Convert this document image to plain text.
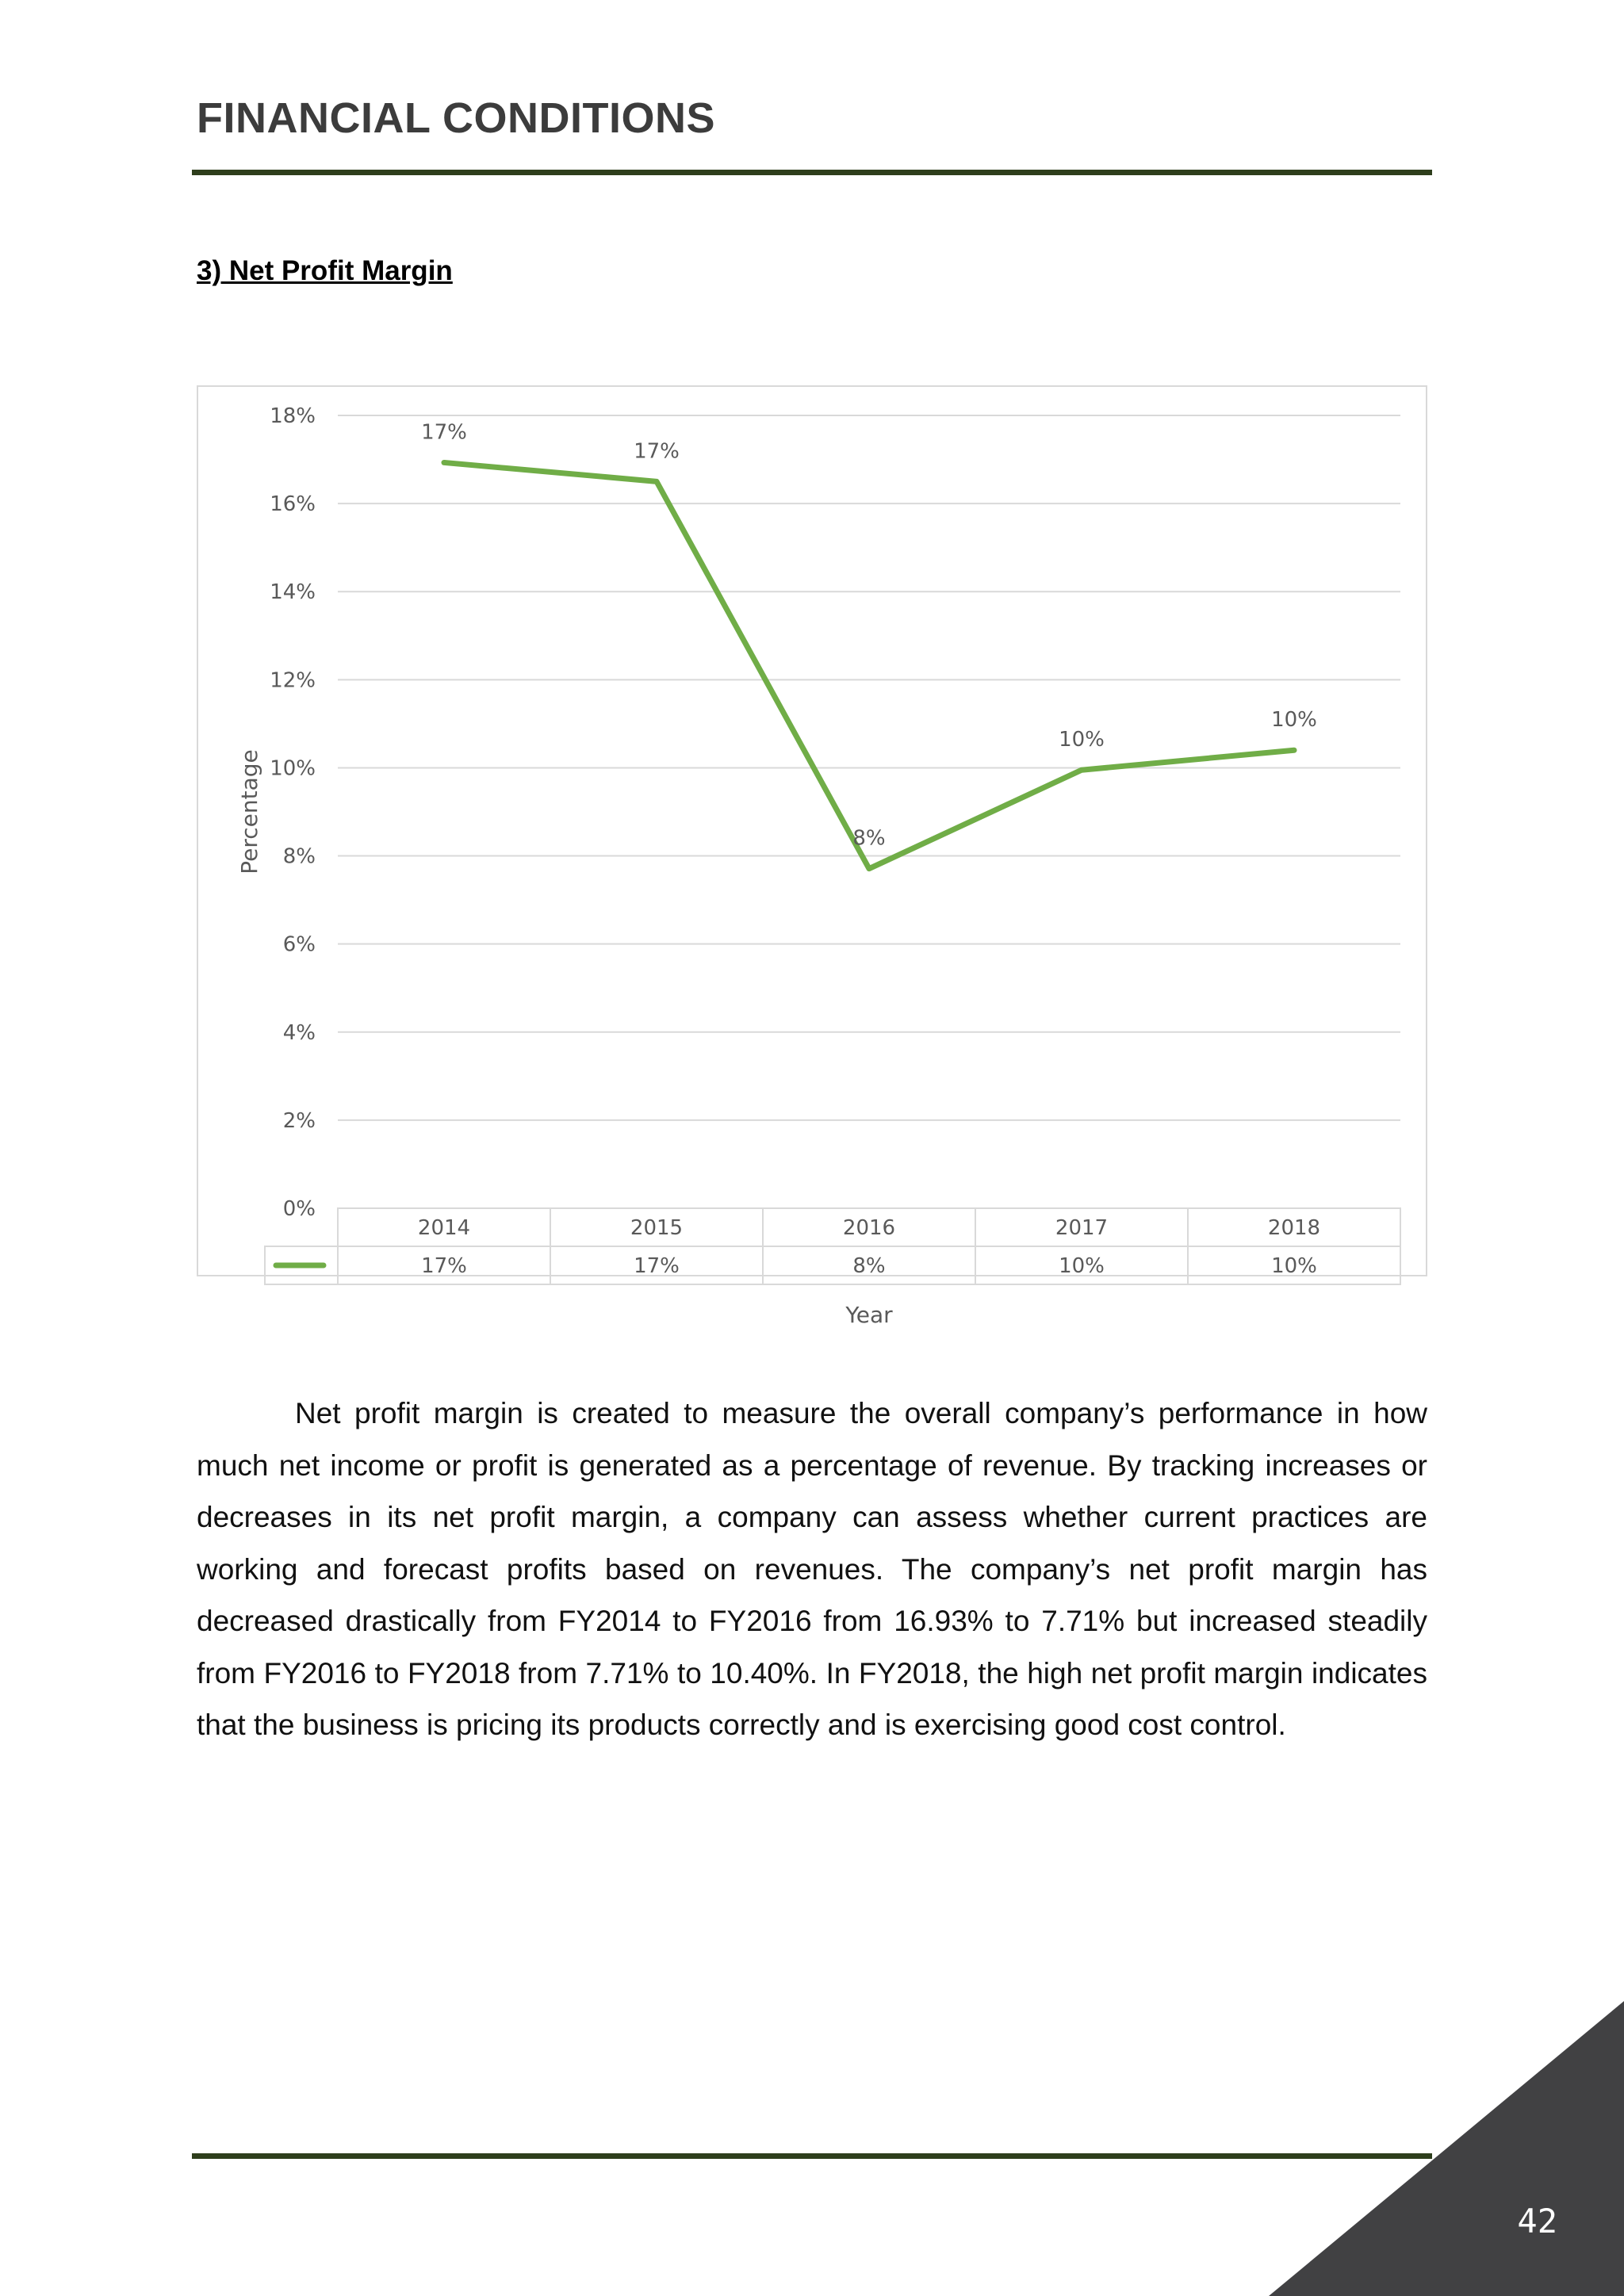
FINANCIAL CONDITIONS
3) Net Profit Margin
0%
2%
4%
6%
8%
10%
12%
14%
16%
18%
Percentage
17%
17%
8%
10%
10%
2014
17%
2015
17%
2016
8%
2017
10%
2018
10%
Year

Net profit margin is created to measure the overall company’s performance in how much net income or profit is generated as a percentage of revenue. By tracking increases or decreases in its net profit margin, a company can assess whether current practices are working and forecast profits based on revenues. The company’s net profit margin has decreased drastically from FY2014 to FY2016 from 16.93% to 7.71% but increased steadily from FY2016 to FY2018 from 7.71% to 10.40%. In FY2018, the high net profit margin indicates that the business is pricing its products correctly and is exercising good cost control.

42
